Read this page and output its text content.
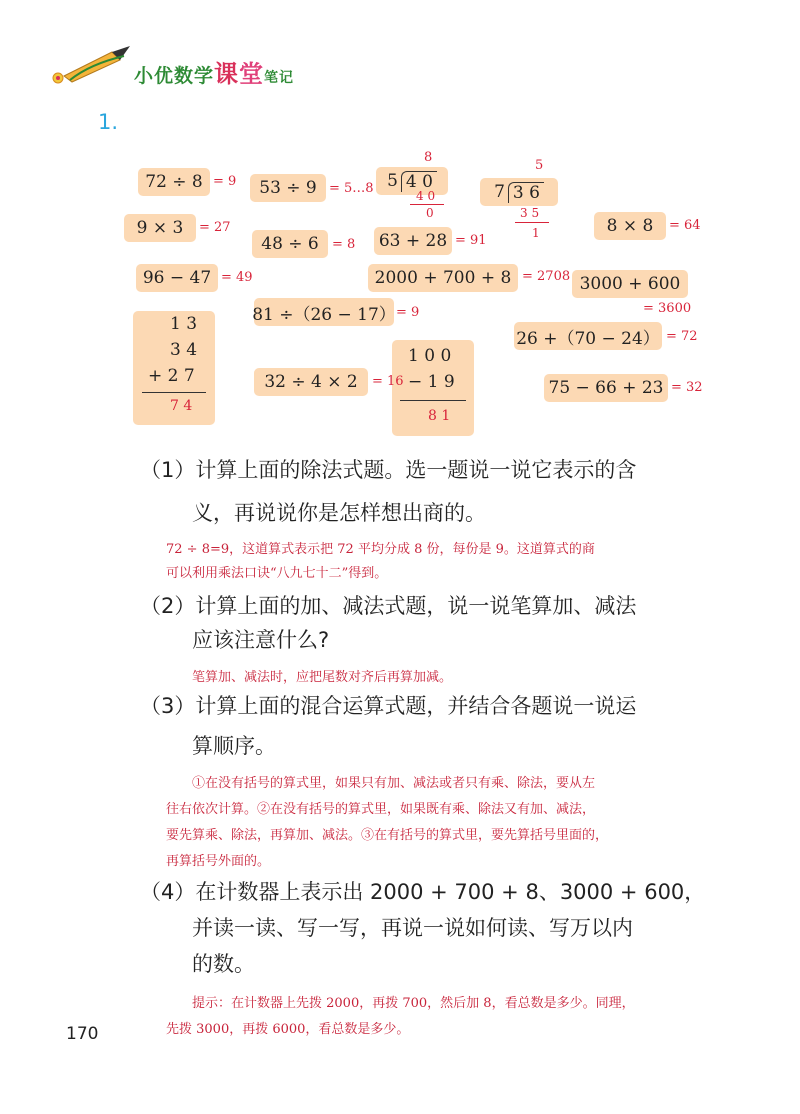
小优数学课堂笔记
1.
72 ÷ 8 = 9	53 ÷ 9 = 5…8
8
5 4 0
4 0
0
5
7 3 6
3 5
1
9 × 3	= 27
48 ÷ 6	= 8 63 + 28 = 91
8 × 8	= 64
96 − 47 = 49	2000 + 700 + 8 = 2708 3000 + 600
= 3600
81 ÷（26 − 17） = 9
26 +（70 − 24） = 72
1 3
3 4
+ 2 7
7 4
1 0 0
− 1 9
8 1
32 ÷ 4 × 2	= 16	75 − 66 + 23 = 32
（1）计算上面的除法式题。选一题说一说它表示的含
义，再说说你是怎样想出商的。
72 ÷ 8=9，这道算式表示把 72 平均分成 8 份，每份是 9。这道算式的商
可以利用乘法口诀“八九七十二”得到。
（2）计算上面的加、减法式题，说一说笔算加、减法
应该注意什么?
笔算加、减法时，应把尾数对齐后再算加减。
（3）计算上面的混合运算式题，并结合各题说一说运
算顺序。
①在没有括号的算式里，如果只有加、减法或者只有乘、除法，要从左
往右依次计算。②在没有括号的算式里，如果既有乘、除法又有加、减法，
要先算乘、除法，再算加、减法。③在有括号的算式里，要先算括号里面的，
再算括号外面的。
（4）在计数器上表示出 2000 + 700 + 8、3000 + 600，
并读一读、写一写，再说一说如何读、写万以内
的数。
提示：在计数器上先拨 2000，再拨 700，然后加 8，看总数是多少。同理，
先拨 3000，再拨 6000，看总数是多少。
170
